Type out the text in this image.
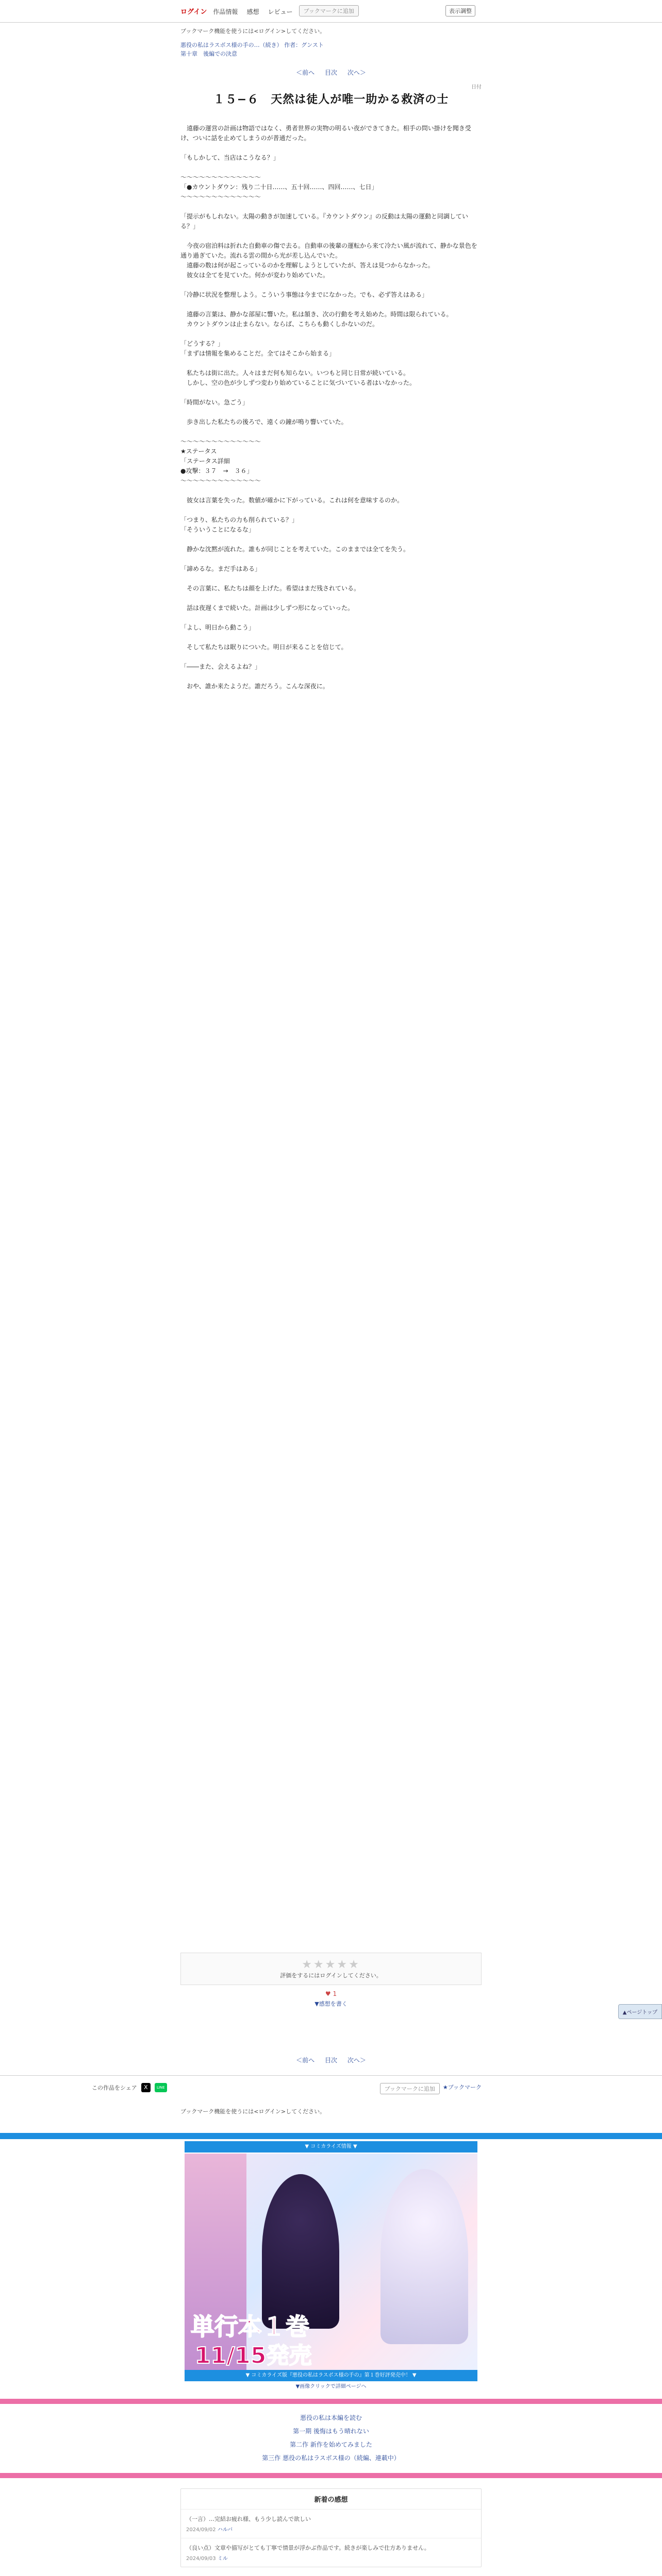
ログイン	作品情報 感想 レビュー	ブックマークに追加	表示調整
ブックマーク機能を使うには<ログイン>してください。
悪役の私はラスボス様の手の…（続き） 作者：グンスト
第十章　後編での決意
＜前へ 目次 次へ＞
日付
１５−６　天然は徒人が唯一助かる救済の士

　遠藤の運営の計画は物語ではなく、勇者世界の実物の明るい夜ができてきた。相手の問い掛けを聞き受け、ついに話を止めてしまうのが普通だった。

「もしかして、当店はこうなる？」

〜〜〜〜〜〜〜〜〜〜〜〜〜
「●カウントダウン：残り二十日……、五十回……、四回……、七日」
〜〜〜〜〜〜〜〜〜〜〜〜〜

「提示がもしれない。太陽の動きが加速している。『カウントダウン』の反動は太陽の運動と同調している？」

　今夜の宿泊料は折れた自動車の傷で去る。自動車の後輩の運転から来て冷たい風が流れて、静かな景色を通り過ぎていた。流れる雲の間から光が差し込んでいた。
　遠藤の数は何が起こっているのかを理解しようとしていたが、答えは見つからなかった。
　彼女は全てを見ていた。何かが変わり始めていた。

「冷静に状況を整理しよう。こういう事態は今までになかった。でも、必ず答えはある」

　遠藤の言葉は、静かな部屋に響いた。私は頷き、次の行動を考え始めた。時間は限られている。
　カウントダウンは止まらない。ならば、こちらも動くしかないのだ。

「どうする？」
「まずは情報を集めることだ。全てはそこから始まる」

　私たちは街に出た。人々はまだ何も知らない。いつもと同じ日常が続いている。
　しかし、空の色が少しずつ変わり始めていることに気づいている者はいなかった。

「時間がない。急ごう」

　歩き出した私たちの後ろで、遠くの鐘が鳴り響いていた。

〜〜〜〜〜〜〜〜〜〜〜〜〜
★ステータス
「ステータス詳細
●攻撃：３７　→　３６」
〜〜〜〜〜〜〜〜〜〜〜〜〜

　彼女は言葉を失った。数値が確かに下がっている。これは何を意味するのか。

「つまり、私たちの力も削られている？」
「そういうことになるな」

　静かな沈黙が流れた。誰もが同じことを考えていた。このままでは全てを失う。

「諦めるな。まだ手はある」

　その言葉に、私たちは顔を上げた。希望はまだ残されている。

　話は夜遅くまで続いた。計画は少しずつ形になっていった。

「よし、明日から動こう」

　そして私たちは眠りについた。明日が来ることを信じて。

「――また、会えるよね？」

　おや、誰か来たようだ。誰だろう。こんな深夜に。

★★★★★
評価をするにはログインしてください。
♥ 1
▼感想を書く
▲ページトップ
＜前へ 目次 次へ＞
この作品をシェア	X	LINE	ブックマークに追加	★ブックマーク
ブックマーク機能を使うには<ログイン>してください。
▼ コミカライズ情報 ▼
単行本１巻
11/15発売
▼ コミカライズ版『悪役の私はラスボス様の手の』第１巻好評発売中！ ▼
▼画像クリックで詳細ページへ
悪役の私は本編を読む
第一期 後悔はもう晴れない
第二作 新作を始めてみました
第三作 悪役の私はラスボス様の（続編、連載中）
新着の感想
（一言）…完結お疲れ様、もう少し読んで欲しい
2024/09/02 ハルバ
（良い点）文章や描写がとても丁寧で情景が浮かぶ作品です。続きが楽しみで仕方ありません。
2024/09/03 ミル
